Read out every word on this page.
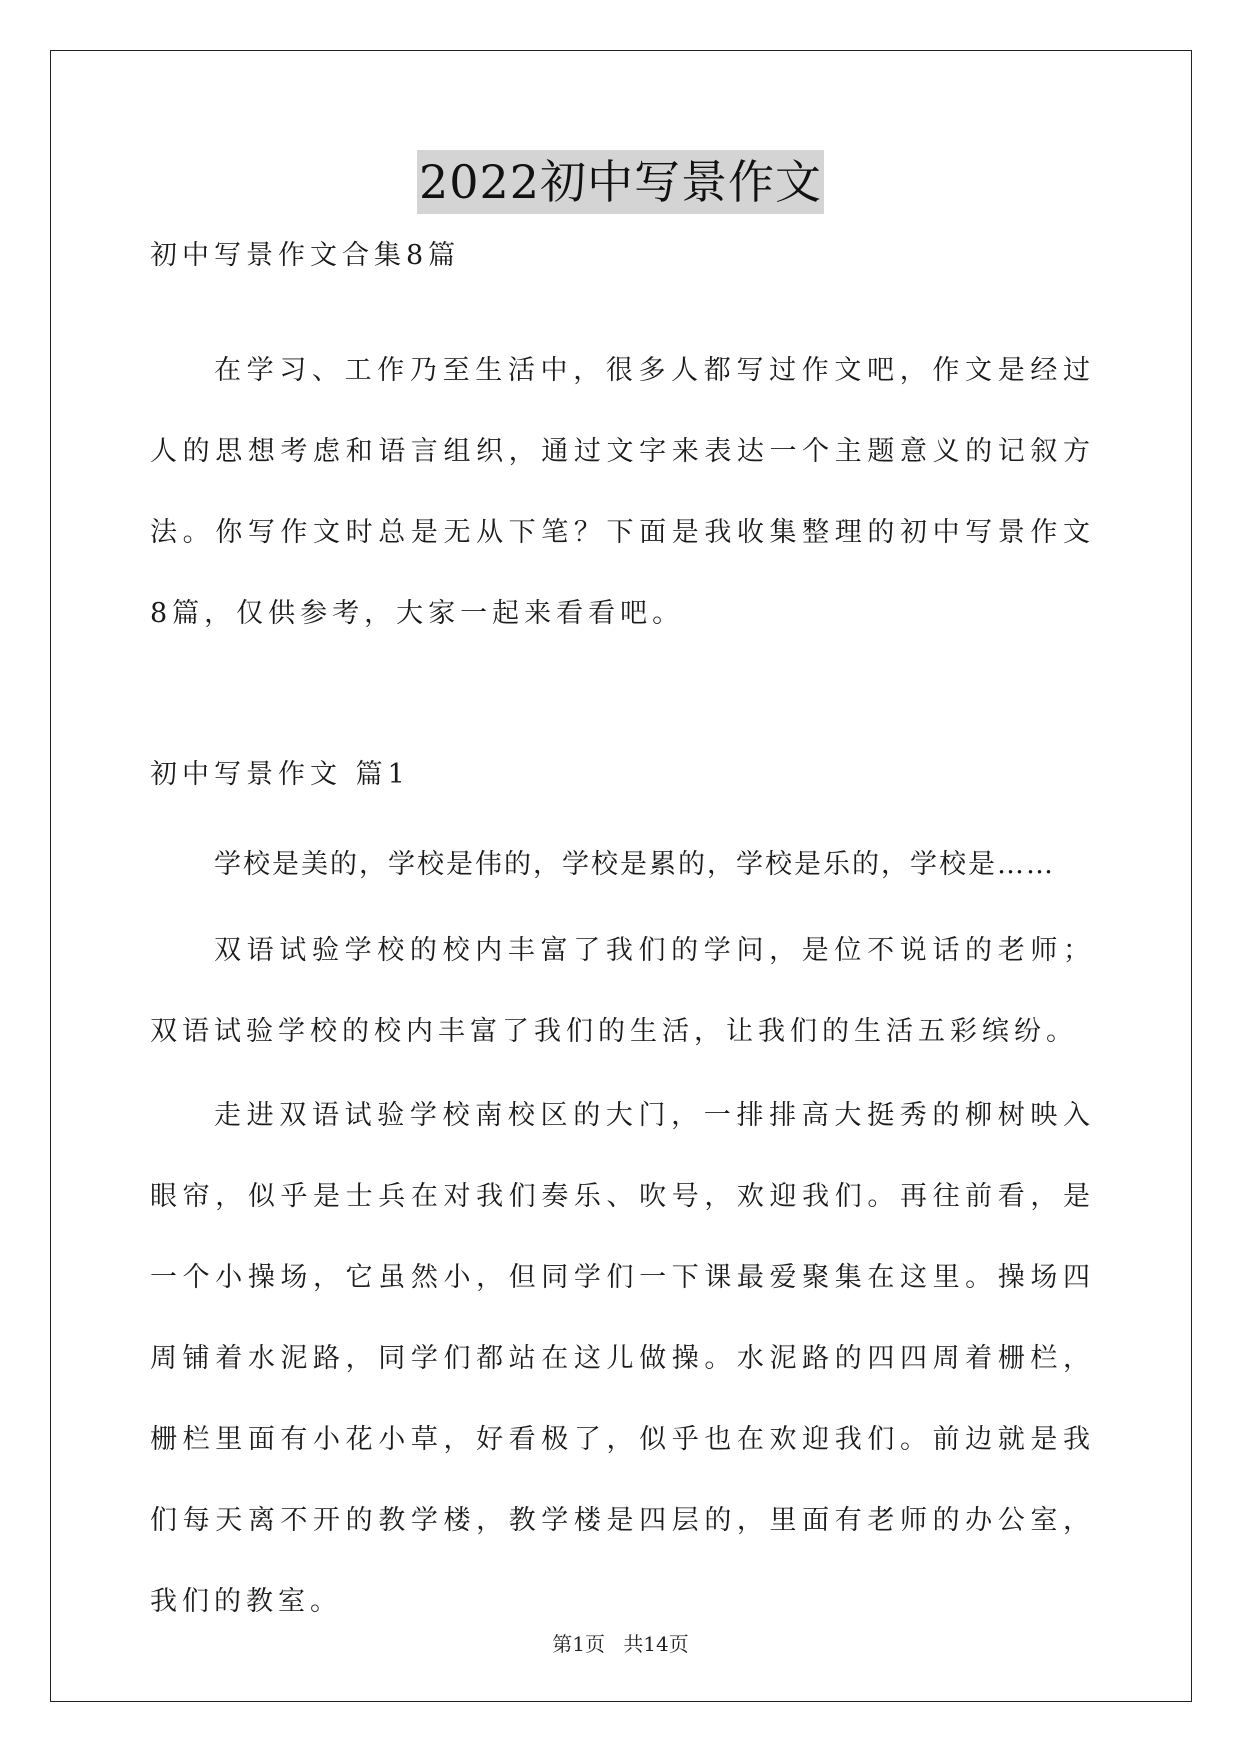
2022初中写景作文
初中写景作文合集8篇

在学习、工作乃至生活中，很多人都写过作文吧，作文是经过人的思想考虑和语言组织，通过文字来表达一个主题意义的记叙方法。你写作文时总是无从下笔？下面是我收集整理的初中写景作文8篇，仅供参考，大家一起来看看吧。

初中写景作文 篇1

学校是美的，学校是伟的，学校是累的，学校是乐的，学校是……

双语试验学校的校内丰富了我们的学问，是位不说话的老师；双语试验学校的校内丰富了我们的生活，让我们的生活五彩缤纷。

走进双语试验学校南校区的大门，一排排高大挺秀的柳树映入眼帘，似乎是士兵在对我们奏乐、吹号，欢迎我们。再往前看，是一个小操场，它虽然小，但同学们一下课最爱聚集在这里。操场四周铺着水泥路，同学们都站在这儿做操。水泥路的四四周着栅栏，栅栏里面有小花小草，好看极了，似乎也在欢迎我们。前边就是我们每天离不开的教学楼，教学楼是四层的，里面有老师的办公室，我们的教室。

第1页 共14页
